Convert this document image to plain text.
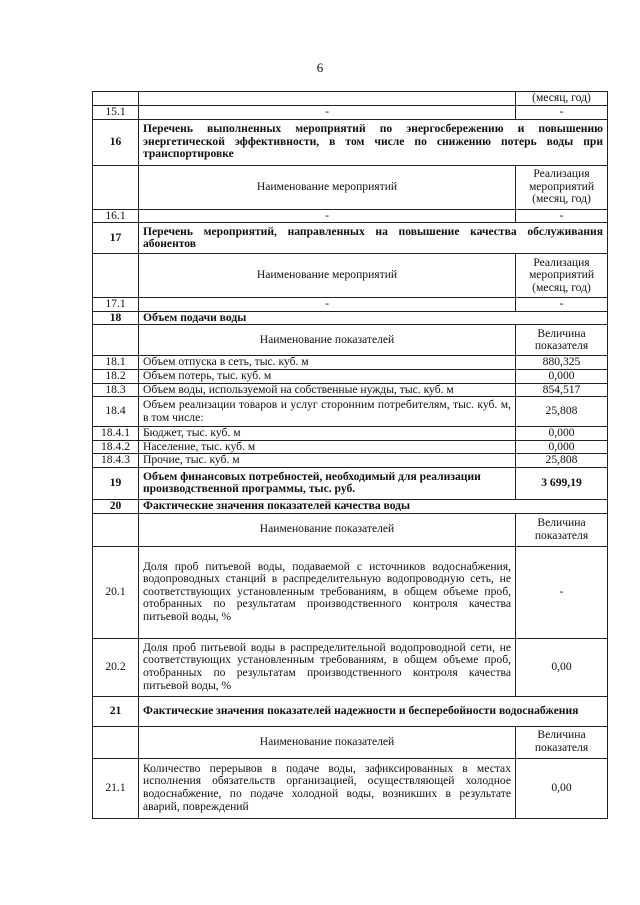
6
		(месяц, год)
15.1	-	-
16	Перечень выполненных мероприятий по энергосбережению и повышению энергетической эффективности, в том числе по снижению потерь воды при транспортировке	
	Наименование мероприятий	Реализация мероприятий (месяц, год)
16.1	-	-
17	Перечень мероприятий, направленных на повышение качества обслуживания абонентов	
	Наименование мероприятий	Реализация мероприятий (месяц, год)
17.1	-	-
18	Объем подачи воды	
	Наименование показателей	Величина показателя
18.1	Объем отпуска в сеть, тыс. куб. м	880,325
18.2	Объем потерь, тыс. куб. м	0,000
18.3	Объем воды, используемой на собственные нужды, тыс. куб. м	854,517
18.4	Объем реализации товаров и услуг сторонним потребителям, тыс. куб. м, в том числе:	25,808
18.4.1	Бюджет, тыс. куб. м	0,000
18.4.2	Население, тыс. куб. м	0,000
18.4.3	Прочие, тыс. куб. м	25,808
19	Объем финансовых потребностей, необходимый для реализации производственной программы, тыс. руб.	3 699,19
20	Фактические значения показателей качества воды	
	Наименование показателей	Величина показателя
20.1	Доля проб питьевой воды, подаваемой с источников водоснабжения, водопроводных станций в распределительную водопроводную сеть, не соответствующих установленным требованиям, в общем объеме проб, отобранных по результатам производственного контроля качества питьевой воды, %	-
20.2	Доля проб питьевой воды в распределительной водопроводной сети, не соответствующих установленным требованиям, в общем объеме проб, отобранных по результатам производственного контроля качества питьевой воды, %	0,00
21	Фактические значения показателей надежности и бесперебойности водоснабжения	
	Наименование показателей	Величина показателя
21.1	Количество перерывов в подаче воды, зафиксированных в местах исполнения обязательств организацией, осуществляющей холодное водоснабжение, по подаче холодной воды, возникших в результате аварий, повреждений	0,00
